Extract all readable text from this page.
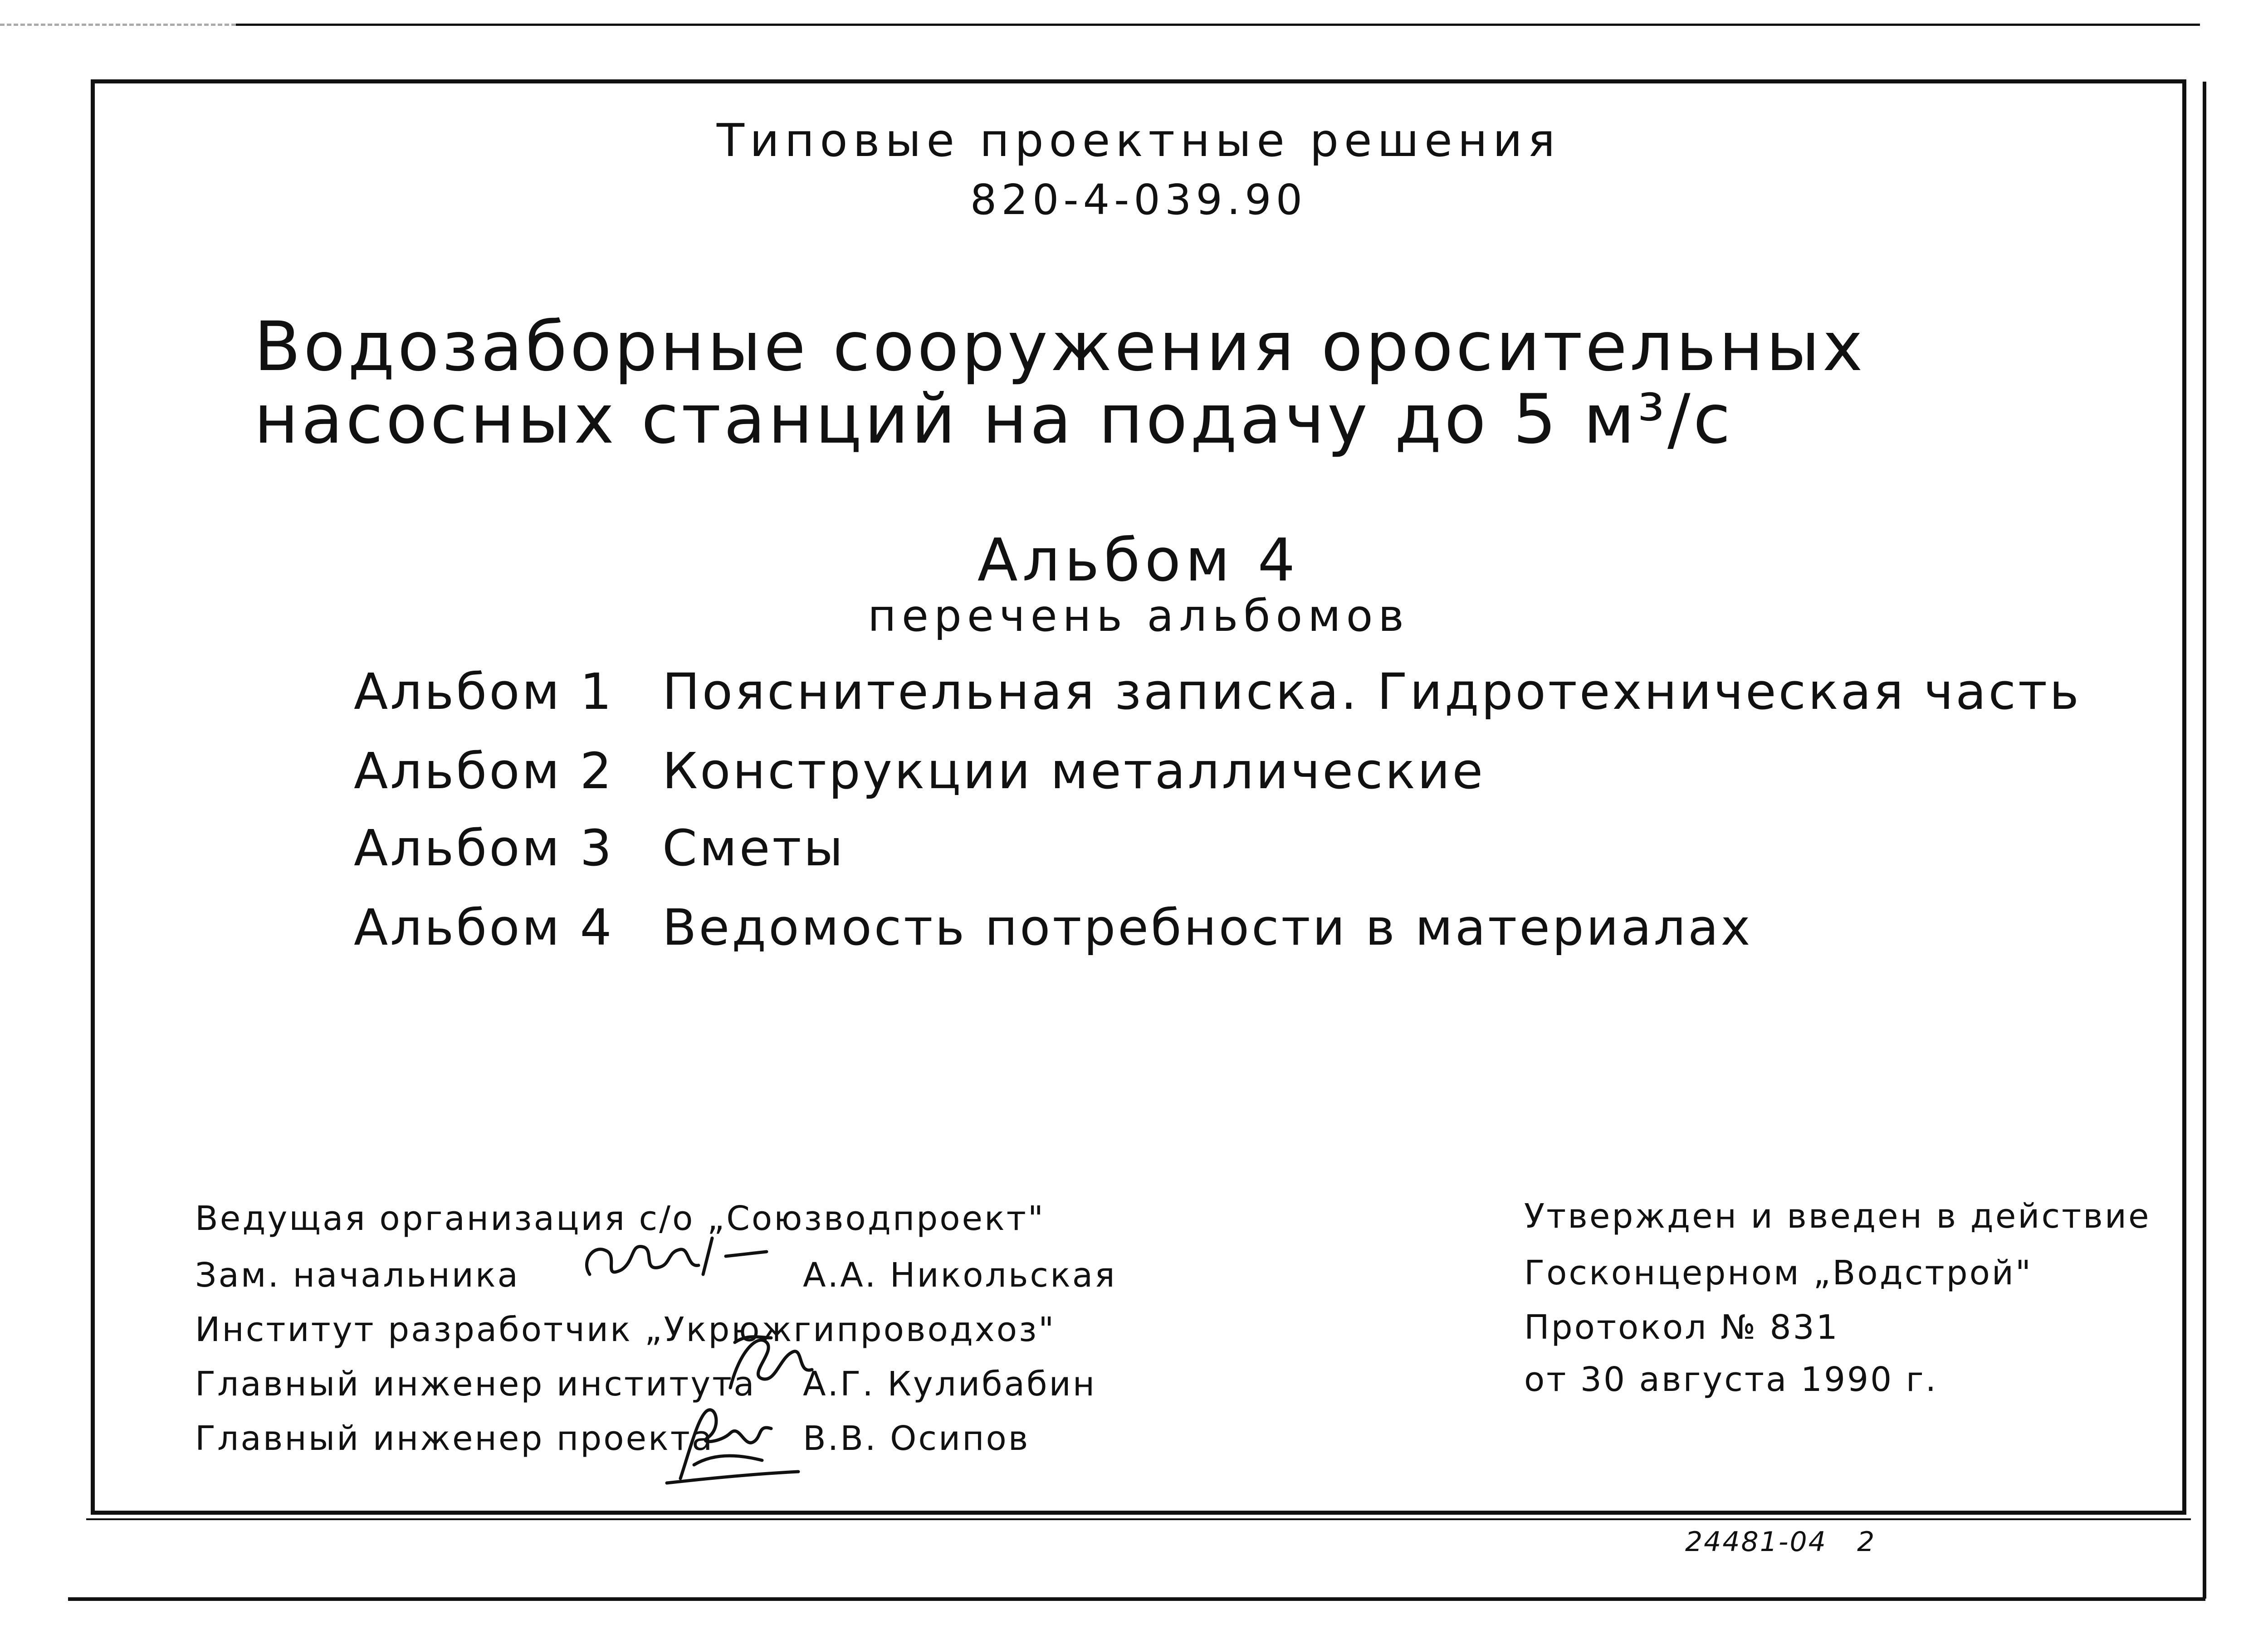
Типовые проектные решения
820-4-039.90
Водозаборные сооружения оросительных
насосных станций на подачу до 5 м³/с
Альбом 4
перечень альбомов
Альбом 1 Пояснительная записка. Гидротехническая часть
Альбом 2 Конструкции металлические
Альбом 3 Сметы
Альбом 4 Ведомость потребности в материалах
Ведущая организация с/о „Союзводпроект"
Зам. начальника	А.А. Никольская
Институт разработчик „Укрюжгипроводхоз"
Главный инженер института А.Г. Кулибабин
Главный инженер проекта	В.В. Осипов
Утвержден и введен в действие
Госконцерном „Водстрой"
Протокол № 831
от 30 августа 1990 г.
24481-04 2
